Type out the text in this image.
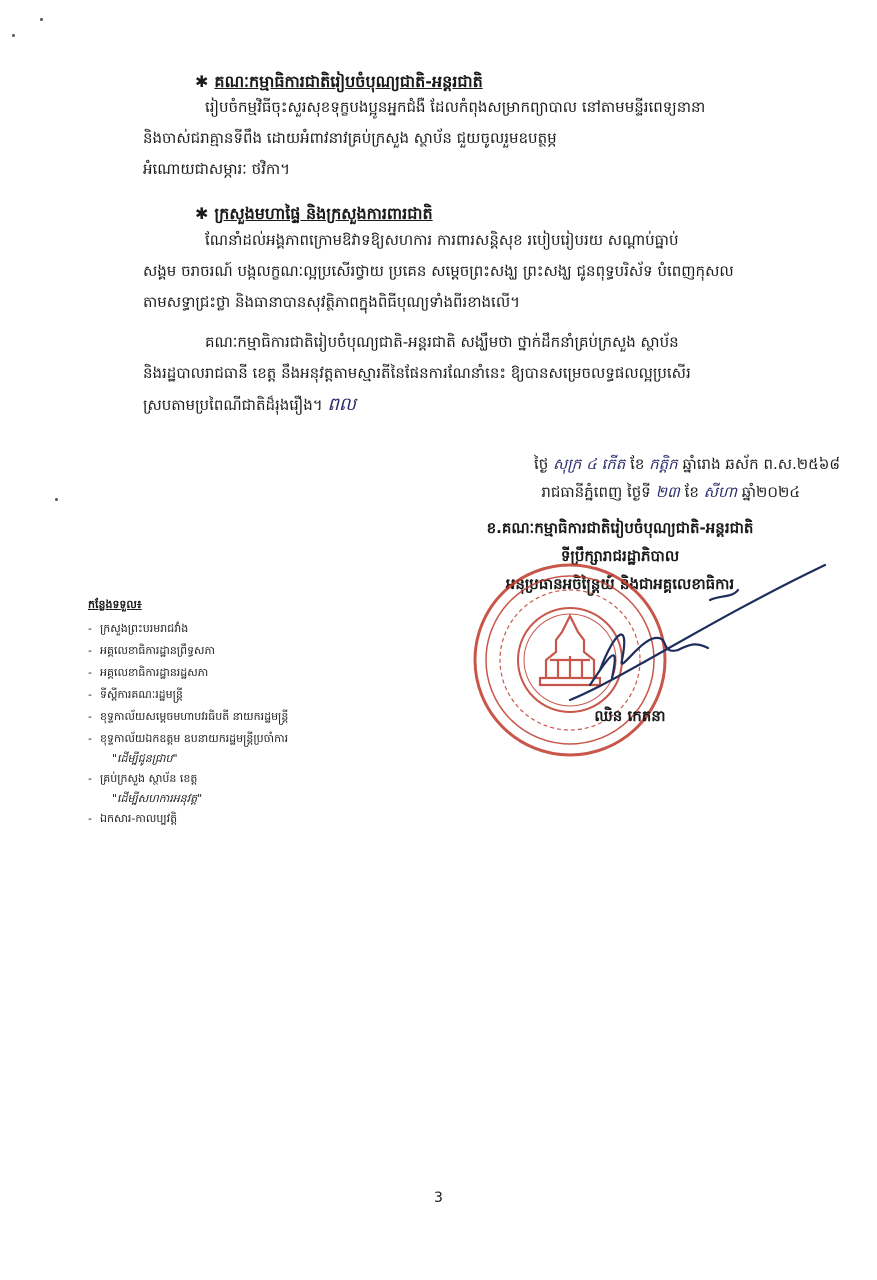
✱ គណៈកម្មាធិការជាតិរៀបចំបុណ្យជាតិ-អន្តរជាតិ
រៀបចំកម្មវិធីចុះសួរសុខទុក្ខបងប្អូនអ្នកជំងឺ ដែលកំពុងសម្រាកព្យាបាល នៅតាមមន្ទីរពេទ្យនានា
និងចាស់ជរាគ្មានទីពឹង ដោយអំពាវនាវគ្រប់ក្រសួង ស្ថាប័ន ជួយចូលរួមឧបត្ថម្ភ
អំណោយជាសម្ភារៈ ថវិកា។
✱ ក្រសួងមហាផ្ទៃ និងក្រសួងការពារជាតិ
ណែនាំដល់អង្គភាពក្រោមឱវាទឱ្យសហការ ការពារសន្តិសុខ របៀបរៀបរយ សណ្តាប់ធ្នាប់
សង្គម ចរាចរណ៍ បង្កលក្ខណៈល្អប្រសើរថ្វាយ ប្រគេន សម្តេចព្រះសង្ឃ ព្រះសង្ឃ ជូនពុទ្ធបរិស័ទ បំពេញកុសល
តាមសទ្ធាជ្រះថ្លា និងធានាបានសុវត្ថិភាពក្នុងពិធីបុណ្យទាំងពីរខាងលើ។
គណៈកម្មាធិការជាតិរៀបចំបុណ្យជាតិ-អន្តរជាតិ សង្ឃឹមថា ថ្នាក់ដឹកនាំគ្រប់ក្រសួង ស្ថាប័ន
និងរដ្ឋបាលរាជធានី ខេត្ត នឹងអនុវត្តតាមស្មារតីនៃផែនការណែនាំនេះ ឱ្យបានសម្រេចលទ្ធផលល្អប្រសើរ
ស្របតាមប្រពៃណីជាតិដ៏រុងរឿង។ ពល
ថ្ងៃ សុក្រ ៤ កើត ខែ កត្តិក ឆ្នាំរោង ឆស័ក ព.ស.២៥៦៨
រាជធានីភ្នំពេញ ថ្ងៃទី ២៣ ខែ សីហា ឆ្នាំ២០២៤
ខ.គណៈកម្មាធិការជាតិរៀបចំបុណ្យជាតិ-អន្តរជាតិ
ទីប្រឹក្សារាជរដ្ឋាភិបាល
អនុប្រធានអចិន្ត្រៃយ៍ និងជាអគ្គលេខាធិការ
ឈិន កេតនា
កន្លែងទទួល៖
- ក្រសួងព្រះបរមរាជវាំង
- អគ្គលេខាធិការដ្ឋានព្រឹទ្ធសភា
- អគ្គលេខាធិការដ្ឋានរដ្ឋសភា
- ទីស្តីការគណៈរដ្ឋមន្ត្រី
- ខុទ្ទកាល័យសម្តេចមហាបវរធិបតី នាយករដ្ឋមន្ត្រី
- ខុទ្ទកាល័យឯកឧត្តម ឧបនាយករដ្ឋមន្ត្រីប្រចាំការ
"ដើម្បីជូនជ្រាប"
- គ្រប់ក្រសួង ស្ថាប័ន ខេត្ត
"ដើម្បីសហការអនុវត្ត"
- ឯកសារ-កាលប្បវត្តិ
3
